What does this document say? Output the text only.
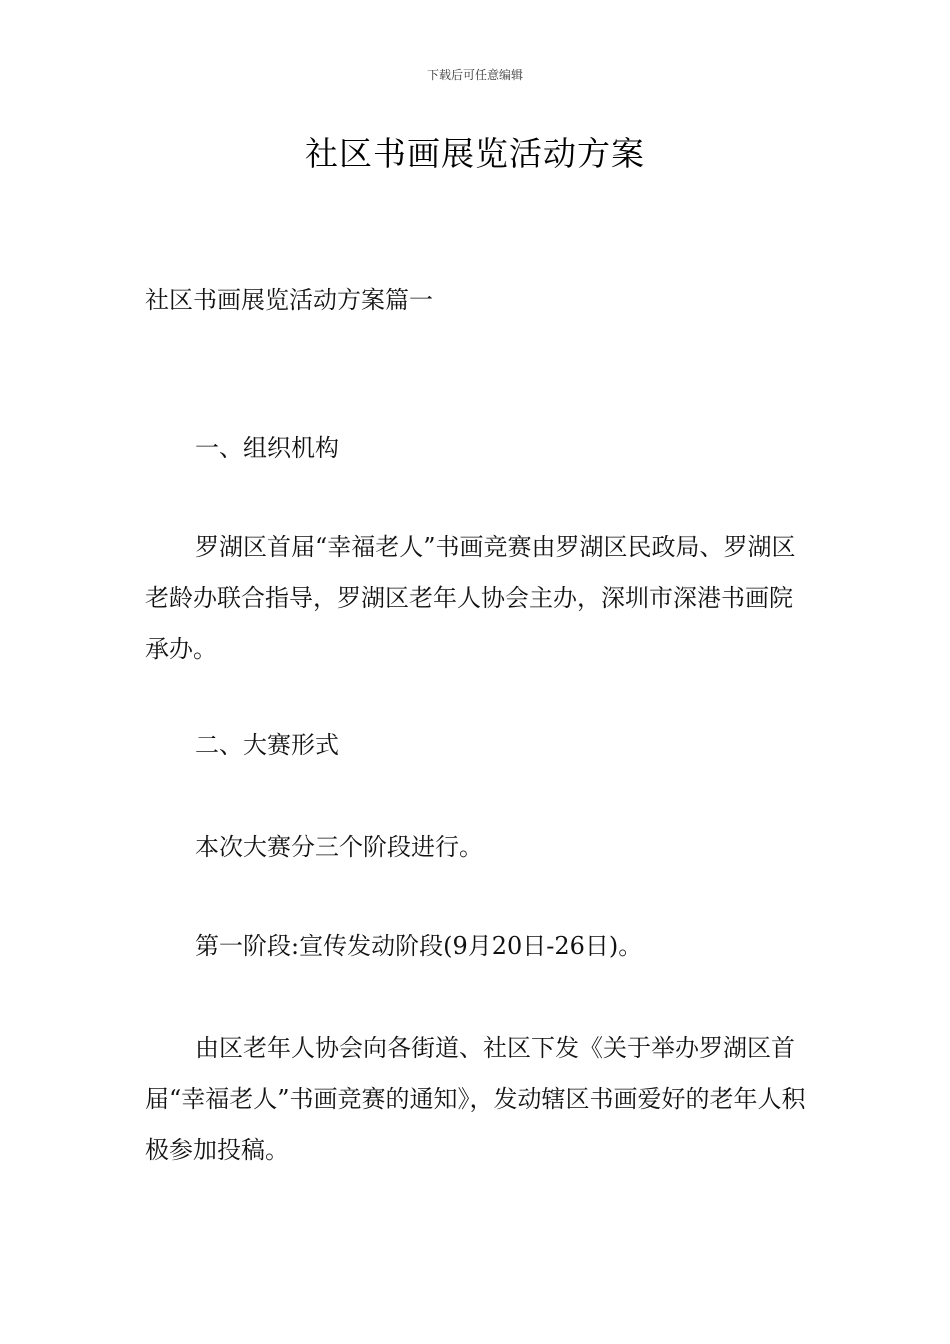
下载后可任意编辑
社区书画展览活动方案

社区书画展览活动方案篇一

一、组织机构

罗湖区首届“幸福老人”书画竞赛由罗湖区民政局、罗湖区老龄办联合指导，罗湖区老年人协会主办，深圳市深港书画院承办。

二、大赛形式

本次大赛分三个阶段进行。

第一阶段:宣传发动阶段(9月20日-26日)。

由区老年人协会向各街道、社区下发《关于举办罗湖区首届“幸福老人”书画竞赛的通知》，发动辖区书画爱好的老年人积极参加投稿。
